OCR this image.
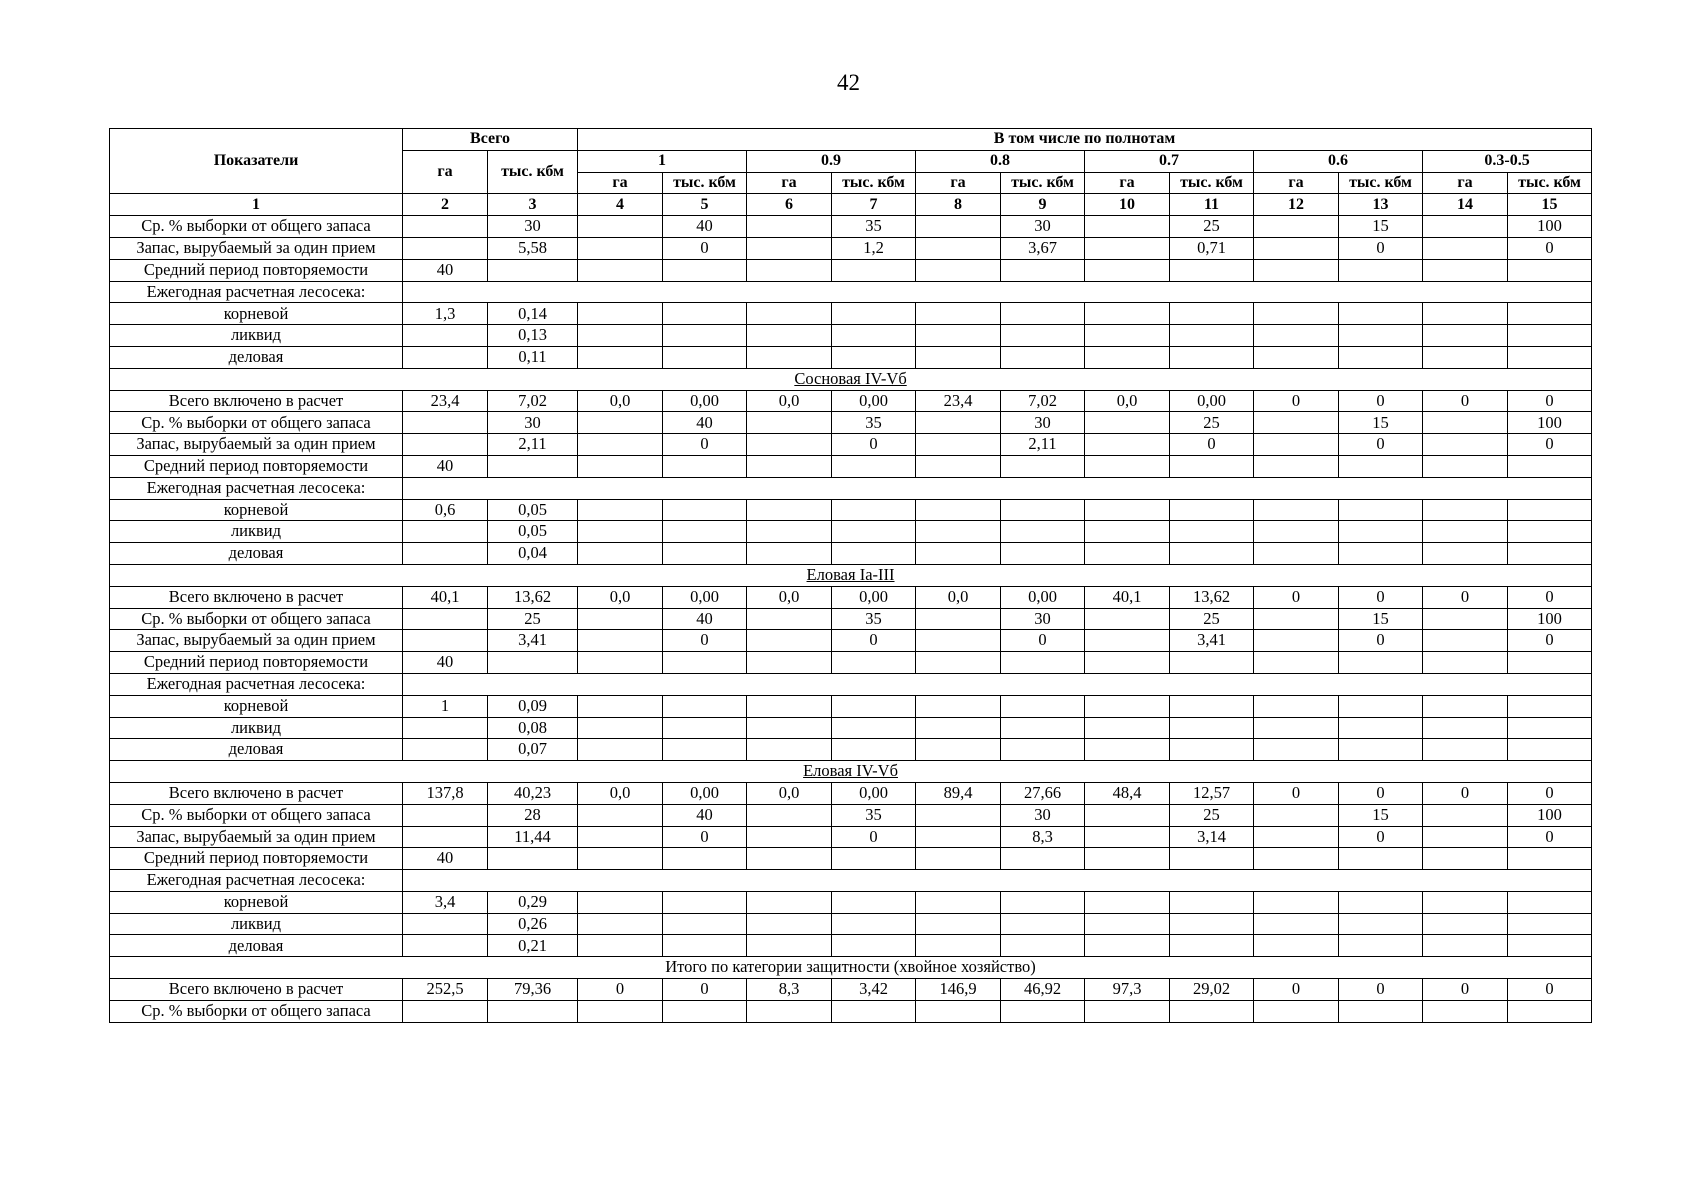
42
Показатели	Всего		В том числе по полнотам											
	га	тыс. кбм	1		0.9		0.8		0.7		0.6		0.3-0.5	
			га	тыс. кбм	га	тыс. кбм	га	тыс. кбм	га	тыс. кбм	га	тыс. кбм	га	тыс. кбм
1	2	3	4	5	6	7	8	9	10	11	12	13	14	15
Ср. % выборки от общего запаса		30		40		35		30		25		15		100
Запас, вырубаемый за один прием		5,58		0		1,2		3,67		0,71		0		0
Средний период повторяемости	40													
Ежегодная расчетная лесосека:														
корневой	1,3	0,14												
ликвид		0,13												
деловая		0,11												
Сосновая IV-Vб														
Всего включено в расчет	23,4	7,02	0,0	0,00	0,0	0,00	23,4	7,02	0,0	0,00	0	0	0	0
Ср. % выборки от общего запаса		30		40		35		30		25		15		100
Запас, вырубаемый за один прием		2,11		0		0		2,11		0		0		0
Средний период повторяемости	40													
Ежегодная расчетная лесосека:														
корневой	0,6	0,05												
ликвид		0,05												
деловая		0,04												
Еловая Iа-III														
Всего включено в расчет	40,1	13,62	0,0	0,00	0,0	0,00	0,0	0,00	40,1	13,62	0	0	0	0
Ср. % выборки от общего запаса		25		40		35		30		25		15		100
Запас, вырубаемый за один прием		3,41		0		0		0		3,41		0		0
Средний период повторяемости	40													
Ежегодная расчетная лесосека:														
корневой	1	0,09												
ликвид		0,08												
деловая		0,07												
Еловая IV-Vб														
Всего включено в расчет	137,8	40,23	0,0	0,00	0,0	0,00	89,4	27,66	48,4	12,57	0	0	0	0
Ср. % выборки от общего запаса		28		40		35		30		25		15		100
Запас, вырубаемый за один прием		11,44		0		0		8,3		3,14		0		0
Средний период повторяемости	40													
Ежегодная расчетная лесосека:														
корневой	3,4	0,29												
ликвид		0,26												
деловая		0,21												
Итого по категории защитности (хвойное хозяйство)														
Всего включено в расчет	252,5	79,36	0	0	8,3	3,42	146,9	46,92	97,3	29,02	0	0	0	0
Ср. % выборки от общего запаса														
